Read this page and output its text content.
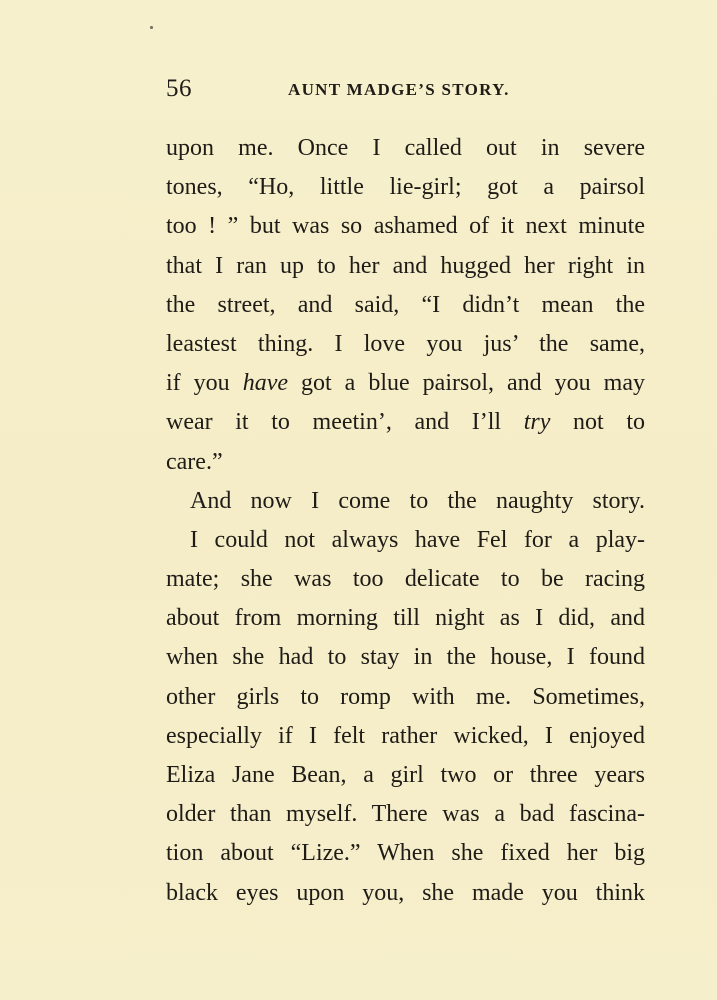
56	AUNT MADGE’S STORY.
upon me. Once I called out in severe
tones, “Ho, little lie-girl; got a pairsol
too ! ” but was so ashamed of it next minute
that I ran up to her and hugged her right in
the street, and said, “I didn’t mean the
leastest thing. I love you jus’ the same,
if you have got a blue pairsol, and you may
wear it to meetin’, and I’ll try not to
care.”
And now I come to the naughty story.
I could not always have Fel for a play-
mate; she was too delicate to be racing
about from morning till night as I did, and
when she had to stay in the house, I found
other girls to romp with me. Sometimes,
especially if I felt rather wicked, I enjoyed
Eliza Jane Bean, a girl two or three years
older than myself. There was a bad fascina-
tion about “Lize.” When she fixed her big
black eyes upon you, she made you think
